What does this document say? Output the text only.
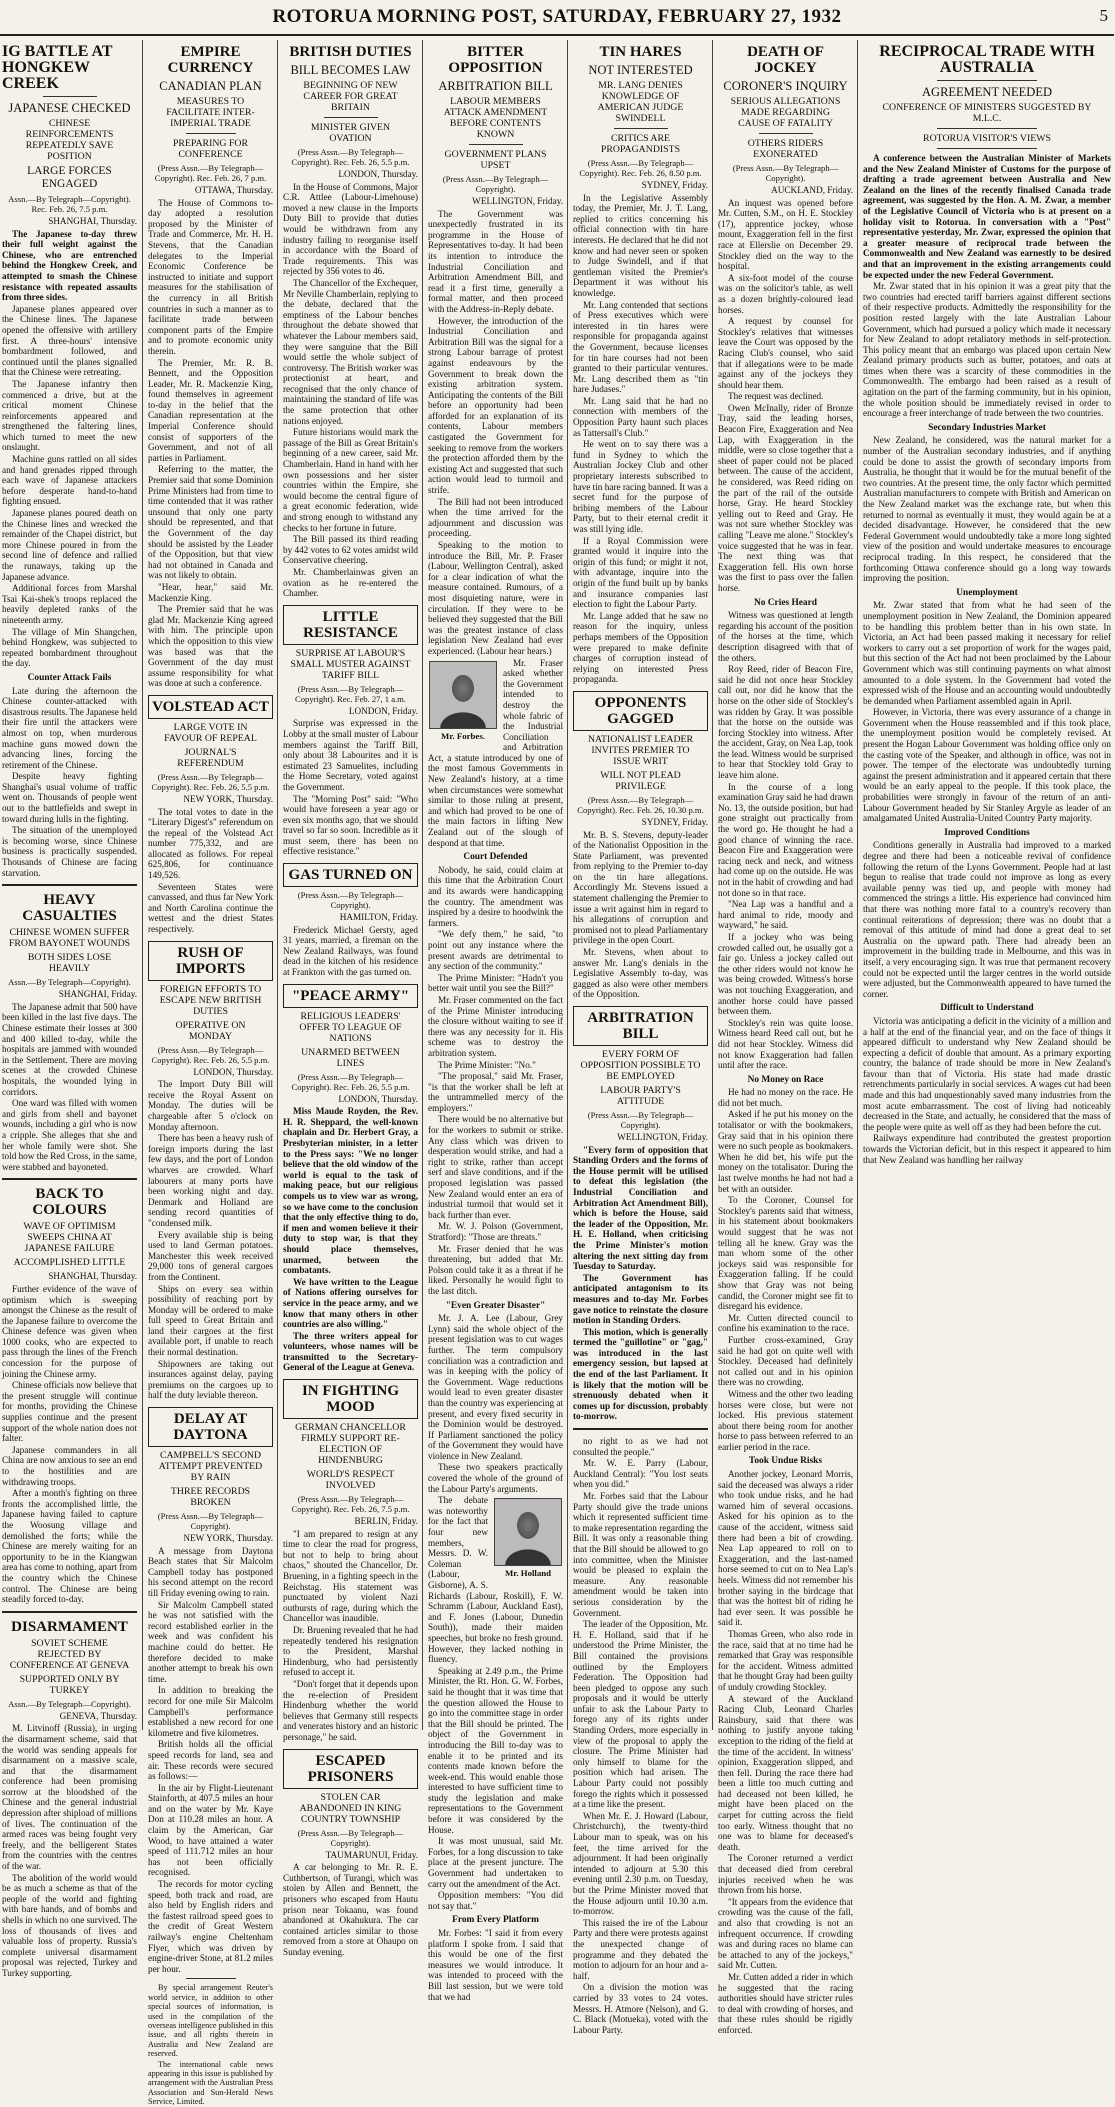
ROTORUA MORNING POST, SATURDAY, FEBRUARY 27, 1932	5
IG BATTLE AT HONGKEW CREEK
JAPANESE CHECKED
CHINESE REINFORCEMENTS REPEATEDLY SAVE POSITION
LARGE FORCES ENGAGED
Assn.—By Telegraph—Copyright). Rec. Feb. 26, 7.5 p.m.
SHANGHAI, Thursday.

The Japanese to-day threw their full weight against the Chinese, who are entrenched behind the Hongkew Creek, and attempted to smash the Chinese resistance with repeated assaults from three sides.

Japanese planes appeared over the Chinese lines. The Japanese opened the offensive with artillery first. A three-hours' intensive bombardment followed, and continued until the planes signalled that the Chinese were retreating.

The Japanese infantry then commenced a drive, but at the critical moment Chinese reinforcements appeared and strengthened the faltering lines, which turned to meet the new onslaught.

Machine guns rattled on all sides and hand grenades ripped through each wave of Japanese attackers before desperate hand-to-hand fighting ensued.

Japanese planes poured death on the Chinese lines and wrecked the remainder of the Chapei district, but more Chinese poured in from the second line of defence and rallied the runaways, taking up the Japanese advance.

Additional forces from Marshal Tsai Kai-shek's troops replaced the heavily depleted ranks of the nineteenth army.

The village of Min Shangchen, behind Hongkew, was subjected to repeated bombardment throughout the day.

Counter Attack Fails

Late during the afternoon the Chinese counter-attacked with disastrous results. The Japanese held their fire until the attackers were almost on top, when murderous machine guns mowed down the advancing lines, forcing the retirement of the Chinese.

Despite heavy fighting Shanghai's usual volume of traffic went on. Thousands of people went out to the battlefields and swept in toward during lulls in the fighting.

The situation of the unemployed is becoming worse, since Chinese business is practically suspended. Thousands of Chinese are facing starvation.

HEAVY CASUALTIES
CHINESE WOMEN SUFFER FROM BAYONET WOUNDS
BOTH SIDES LOSE HEAVILY
Assn.—By Telegraph—Copyright).
SHANGHAI, Friday.

The Japanese admit that 500 have been killed in the last five days. The Chinese estimate their losses at 300 and 400 killed to-day, while the hospitals are jammed with wounded in the Settlement. There are moving scenes at the crowded Chinese hospitals, the wounded lying in corridors.

One ward was filled with women and girls from shell and bayonet wounds, including a girl who is now a cripple. She alleges that she and her whole family were shot. She told how the Red Cross, in the same, were stabbed and bayoneted.

BACK TO COLOURS
WAVE OF OPTIMISM SWEEPS CHINA AT JAPANESE FAILURE
ACCOMPLISHED LITTLE
SHANGHAI, Thursday.

Further evidence of the wave of optimism which is sweeping amongst the Chinese as the result of the Japanese failure to overcome the Chinese defence was given when 1000 cooks, who are expected to pass through the lines of the French concession for the purpose of joining the Chinese army.

Chinese officials now believe that the present struggle will continue for months, providing the Chinese supplies continue and the present support of the whole nation does not falter.

Japanese commanders in all China are now anxious to see an end to the hostilities and are withdrawing troops.

After a month's fighting on three fronts the accomplished little, the Japanese having failed to capture the Woosung village and demolished the forts; while the Chinese are merely waiting for an opportunity to be in the Kiangwan area has come to nothing, apart from the country which the Chinese control. The Chinese are being steadily forced to-day.

DISARMAMENT
SOVIET SCHEME REJECTED BY CONFERENCE AT GENEVA
SUPPORTED ONLY BY TURKEY
Assn.—By Telegraph—Copyright).
GENEVA, Thursday.

M. Litvinoff (Russia), in urging the disarmament scheme, said that the world was sending appeals for disarmament on a massive scale, and that the disarmament conference had been promising sorrow at the bloodshed of the Chinese and the general industrial depression after shipload of millions of lives. The continuation of the armed races was being fought very freely, and the belligerent States from the countries with the centres of the war.

The abolition of the world would be as much a scheme as that of the people of the world and fighting with bare hands, and of bombs and shells in which no one survived. The loss of thousands of lives and valuable loss of property. Russia's complete universal disarmament proposal was rejected, Turkey and Turkey supporting.

EMPIRE CURRENCY
CANADIAN PLAN
MEASURES TO FACILITATE INTER-IMPERIAL TRADE
PREPARING FOR CONFERENCE
(Press Assn.—By Telegraph—Copyright). Rec. Feb. 26, 7 p.m.
OTTAWA, Thursday.

The House of Commons to-day adopted a resolution proposed by the Minister of Trade and Commerce, Mr. H. H. Stevens, that the Canadian delegates to the Imperial Economic Conference be instructed to initiate and support measures for the stabilisation of the currency in all British countries in such a manner as to facilitate trade between component parts of the Empire and to promote economic unity therein.

The Premier, Mr. R. B. Bennett, and the Opposition Leader, Mr. R. Mackenzie King, found themselves in agreement to-day in the belief that the Canadian representation at the Imperial Conference should consist of supporters of the Government, and not of all parties in Parliament.

Referring to the matter, the Premier said that some Dominion Prime Ministers had from time to time contended that it was rather unsound that only one party should be represented, and that the Government of the day should be assisted by the Leader of the Opposition, but that view had not obtained in Canada and was not likely to obtain.

"Hear, hear," said Mr. Mackenzie King.

The Premier said that he was glad Mr. Mackenzie King agreed with him. The principle upon which the opposition to this view was based was that the Government of the day must assume responsibility for what was done at such a conference.

VOLSTEAD ACT
LARGE VOTE IN FAVOUR OF REPEAL
JOURNAL'S REFERENDUM
(Press Assn.—By Telegraph—Copyright). Rec. Feb. 26, 5.5 p.m.
NEW YORK, Thursday.

The total votes to date in the "Literary Digest's" referendum on the repeal of the Volstead Act number 775,332, and are allocated as follows. For repeal 625,806, for continuance 149,526.

Seventeen States were canvassed, and thus far New York and North Carolina continue the wettest and the driest States respectively.

RUSH OF IMPORTS
FOREIGN EFFORTS TO ESCAPE NEW BRITISH DUTIES
OPERATIVE ON MONDAY
(Press Assn.—By Telegraph—Copyright). Rec. Feb. 26, 5.5 p.m.
LONDON, Thursday.

The Import Duty Bill will receive the Royal Assent on Monday. The duties will be chargeable after 5 o'clock on Monday afternoon.

There has been a heavy rush of foreign imports during the last few days, and the port of London wharves are crowded. Wharf labourers at many ports have been working night and day. Denmark and Holland are sending record quantities of "condensed milk.

Every available ship is being used to land German potatoes. Manchester this week received 29,000 tons of general cargoes from the Continent.

Ships on every sea within possibility of reaching port by Monday will be ordered to make full speed to Great Britain and land their cargoes at the first available port, if unable to reach their normal destination.

Shipowners are taking out insurances against delay, paying premiums on the cargoes up to half the duty leviable thereon.

DELAY AT DAYTONA
CAMPBELL'S SECOND ATTEMPT PREVENTED BY RAIN
THREE RECORDS BROKEN
(Press Assn.—By Telegraph—Copyright).
NEW YORK, Thursday.

A message from Daytona Beach states that Sir Malcolm Campbell today has postponed his second attempt on the record till Friday evening owing to rain.

Sir Malcolm Campbell stated he was not satisfied with the record established earlier in the week and was confident his machine could do better. He therefore decided to make another attempt to break his own time.

In addition to breaking the record for one mile Sir Malcolm Campbell's performance established a new record for one kilometre and five kilometres.

British holds all the official speed records for land, sea and air. These records were secured as follows:—

In the air by Flight-Lieutenant Stainforth, at 407.5 miles an hour and on the water by Mr. Kaye Don at 110.28 miles an hour. A claim by the American, Gar Wood, to have attained a water speed of 111.712 miles an hour has not been officially recognised.

The records for motor cycling speed, both track and road, are also held by English riders and the fastest railroad speed goes to the credit of Great Western railway's engine Cheltenham Flyer, which was driven by engine-driver Stone, at 81.2 miles per hour.

By special arrangement Reuter's world service, in addition to other special sources of information, is used in the compilation of the overseas intelligence published in this issue, and all rights therein in Australia and New Zealand are reserved.

The international cable news appearing in this issue is published by arrangement with the Australian Press Association and Sun-Herald News Service, Limited.

BRITISH DUTIES
BILL BECOMES LAW
BEGINNING OF NEW CAREER FOR GREAT BRITAIN
MINISTER GIVEN OVATION
(Press Assn.—By Telegraph—Copyright). Rec. Feb. 26, 5.5 p.m.
LONDON, Thursday.

In the House of Commons, Major C.R. Attlee (Labour-Limehouse) moved a new clause in the Imports Duty Bill to provide that duties would be withdrawn from any industry failing to reorganise itself in accordance with the Board of Trade requirements. This was rejected by 356 votes to 46.

The Chancellor of the Exchequer, Mr Neville Chamberlain, replying to the debate, declared that the emptiness of the Labour benches throughout the debate showed that whatever the Labour members said, they were sanguine that the Bill would settle the whole subject of controversy. The British worker was protectionist at heart, and recognised that the only chance of maintaining the standard of life was the same protection that other nations enjoyed.

Future historians would mark the passage of the Bill as Great Britain's beginning of a new career, said Mr. Chamberlain. Hand in hand with her own possessions and her sister countries within the Empire, she would become the central figure of a great economic federation, wide and strong enough to withstand any checks to her fortune in future.

The Bill passed its third reading by 442 votes to 62 votes amidst wild Conservative cheering.

Mr. Chamberlainwas given an ovation as he re-entered the Chamber.

LITTLE RESISTANCE
SURPRISE AT LABOUR'S SMALL MUSTER AGAINST TARIFF BILL
(Press Assn.—By Telegraph—Copyright). Rec. Feb. 27, 1 a.m.
LONDON, Friday.

Surprise was expressed in the Lobby at the small muster of Labour members against the Tariff Bill, only about 38 Labourites and it is estimated 23 Samuelites, including the Home Secretary, voted against the Government.

The "Morning Post" said: "Who would have foreseen a year ago or even six months ago, that we should travel so far so soon. Incredible as it must seem, there has been no effective resistance."

GAS TURNED ON
(Press Assn.—By Telegraph—Copyright).
HAMILTON, Friday.

Frederick Michael Gersty, aged 31 years, married, a fireman on the New Zealand Railways, was found dead in the kitchen of his residence at Frankton with the gas turned on.

"PEACE ARMY"
RELIGIOUS LEADERS' OFFER TO LEAGUE OF NATIONS
UNARMED BETWEEN LINES
(Press Assn.—By Telegraph—Copyright). Rec. Feb. 26, 5.5 p.m.
LONDON, Thursday.

Miss Maude Royden, the Rev. H. R. Sheppard, the well-known chaplain and Dr. Herbert Gray, a Presbyterian minister, in a letter to the Press says: "We no longer believe that the old window of the world is equal to the task of making peace, but our religious compels us to view war as wrong, so we have come to the conclusion that the only effective thing to do, if men and women believe it their duty to stop war, is that they should place themselves, unarmed, between the combatants.

We have written to the League of Nations offering ourselves for service in the peace army, and we know that many others in other countries are also willing."

The three writers appeal for volunteers, whose names will be transmitted to the Secretary-General of the League at Geneva.

IN FIGHTING MOOD
GERMAN CHANCELLOR FIRMLY SUPPORT RE-ELECTION OF HINDENBURG
WORLD'S RESPECT INVOLVED
(Press Assn.—By Telegraph—Copyright). Rec. Feb. 26, 7.5 p.m.
BERLIN, Friday.

"I am prepared to resign at any time to clear the road for progress, but not to help to bring about chaos," shouted the Chancellor, Dr. Bruening, in a fighting speech in the Reichstag. His statement was punctuated by violent Nazi outbursts of rage, during which the Chancellor was inaudible.

Dr. Bruening revealed that he had repeatedly tendered his resignation to the President, Marshal Hindenburg, who had persistently refused to accept it.

"Don't forget that it depends upon the re-election of President Hindenburg whether the world believes that Germany still respects and venerates history and an historic personage," he said.

ESCAPED PRISONERS
STOLEN CAR ABANDONED IN KING COUNTRY TOWNSHIP
(Press Assn.—By Telegraph—Copyright).
TAUMARUNUI, Friday.

A car belonging to Mr. R. E. Cuthbertson, of Turangi, which was stolen by Allen and Bennett, the prisoners who escaped from Hautu prison near Tokaanu, was found abandoned at Okahukura. The car contained articles similar to those removed from a store at Ohaupo on Sunday evening.

BITTER OPPOSITION
ARBITRATION BILL
LABOUR MEMBERS ATTACK AMENDMENT BEFORE CONTENTS KNOWN
GOVERNMENT PLANS UPSET
(Press Assn.—By Telegraph—Copyright).
WELLINGTON, Friday.

The Government was unexpectedly frustrated in its programme in the House of Representatives to-day. It had been its intention to introduce the Industrial Conciliation and Arbitration Amendment Bill, and read it a first time, generally a formal matter, and then proceed with the Address-in-Reply debate.

However, the introduction of the Industrial Conciliation and Arbitration Bill was the signal for a strong Labour barrage of protest against endeavours by the Government to break down the existing arbitration system. Anticipating the contents of the Bill before an opportunity had been afforded for an explanation of its contents, Labour members castigated the Government for seeking to remove from the workers the protection afforded them by the existing Act and suggested that such action would lead to turmoil and strife.

The Bill had not been introduced when the time arrived for the adjournment and discussion was proceeding.

Speaking to the motion to introduce the Bill, Mr. P. Fraser (Labour, Wellington Central), asked for a clear indication of what the measure contained. Rumours, of a most disquieting nature, were in circulation. If they were to be believed they suggested that the Bill was the greatest instance of class legislation New Zealand had ever experienced. (Labour hear hears.)

Mr. Forbes.

Mr. Fraser asked whether the Government intended to destroy the whole fabric of the Industrial Conciliation and Arbitration Act, a statute introduced by one of the most famous Governments in New Zealand's history, at a time when circumstances were somewhat similar to those ruling at present, and which had proved to be one of the main factors in lifting New Zealand out of the slough of despond at that time.

Court Defended

Nobody, he said, could claim at this time that the Arbitration Court and its awards were handicapping the country. The amendment was inspired by a desire to hoodwink the farmers.

"We defy them," he said, "to point out any instance where the present awards are detrimental to any section of the community."

The Prime Minister: "Hadn't you better wait until you see the Bill?"

Mr. Fraser commented on the fact of the Prime Minister introducing the closure without waiting to see if there was any necessity for it. His scheme was to destroy the arbitration system.

The Prime Minister: "No."

"The proposal," said Mr. Fraser, "is that the worker shall be left at the untrammelled mercy of the employers."

There would be no alternative but for the workers to submit or strike. Any class which was driven to desperation would strike, and had a right to strike, rather than accept serf and slave conditions, and if the proposed legislation was passed New Zealand would enter an era of industrial turmoil that would set it back further than ever.

Mr. W. J. Polson (Government, Stratford): "Those are threats."

Mr. Fraser denied that he was threatening, but added that Mr. Polson could take it as a threat if he liked. Personally he would fight to the last ditch.

"Even Greater Disaster"

Mr. J. A. Lee (Labour, Grey Lynn) said the whole object of the present legislation was to cut wages further. The term compulsory conciliation was a contradiction and was in keeping with the policy of the Government. Wage reductions would lead to even greater disaster than the country was experiencing at present, and every fixed security in the Dominion would be destroyed. If Parliament sanctioned the policy of the Government they would have violence in New Zealand.

These two speakers practically covered the whole of the ground of the Labour Party's arguments.

Mr. Holland

The debate was noteworthy for the fact that four new members, Messrs. D. W. Coleman (Labour, Gisborne), A. S. Richards (Labour, Roskill), F. W. Schramm (Labour, Auckland East), and F. Jones (Labour, Dunedin South)), made their maiden speeches, but broke no fresh ground. However, they lacked nothing in fluency.

Speaking at 2.49 p.m., the Prime Minister, the Rt. Hon. G. W. Forbes, said he thought that it was time that the question allowed the House to go into the committee stage in order that the Bill should be printed. The object of the Government in introducing the Bill to-day was to enable it to be printed and its contents made known before the week-end. This would enable those interested to have sufficient time to study the legislation and make representations to the Government before it was considered by the House.

It was most unusual, said Mr. Forbes, for a long discussion to take place at the present juncture. The Government had undertaken to carry out the amendment of the Act.

Opposition members: "You did not say that."

From Every Platform

Mr. Forbes: "I said it from every platform I spoke from. I said that this would be one of the first measures we would introduce. It was intended to proceed with the Bill last session, but we were told that we had

TIN HARES
NOT INTERESTED
MR. LANG DENIES KNOWLEDGE OF AMERICAN JUDGE SWINDELL
CRITICS ARE PROPAGANDISTS
(Press Assn.—By Telegraph—Copyright). Rec. Feb. 26, 8.50 p.m.
SYDNEY, Friday.

In the Legislative Assembly today, the Premier, Mr. J. T. Lang, replied to critics concerning his official connection with tin hare interests. He declared that he did not know and had never seen or spoken to Judge Swindell, and if that gentleman visited the Premier's Department it was without his knowledge.

Mr. Lang contended that sections of Press executives which were interested in tin hares were responsible for propaganda against the Government, because licenses for tin hare courses had not been granted to their particular ventures. Mr. Lang described them as "tin hare Judases."

Mr. Lang said that he had no connection with members of the Opposition Party haunt such places as Tattersall's Club."

He went on to say there was a fund in Sydney to which the Australian Jockey Club and other proprietary interests subscribed to have tin hare racing banned. It was a secret fund for the purpose of bribing members of the Labour Party, but to their eternal credit it was still lying idle.

If a Royal Commission were granted would it inquire into the origin of this fund; or might it not, with advantage, inquire into the origin of the fund built up by banks and insurance companies last election to fight the Labour Party.

Mr. Lange added that he saw no reason for the inquiry, unless perhaps members of the Opposition were prepared to make definite charges of corruption instead of relying on interested Press propaganda.

OPPONENTS GAGGED
NATIONALIST LEADER INVITES PREMIER TO ISSUE WRIT
WILL NOT PLEAD PRIVILEGE
(Press Assn.—By Telegraph—Copyright). Rec. Feb. 26, 10.30 p.m.
SYDNEY, Friday.

Mr. B. S. Stevens, deputy-leader of the Nationalist Opposition in the State Parliament, was prevented from replying to the Premier to-day on the tin hare allegations. Accordingly Mr. Stevens issued a statement challenging the Premier to issue a writ against him in regard to his allegations of corruption and promised not to plead Parliamentary privilege in the open Court.

Mr. Stevens, when about to answer Mr. Lang's denials in the Legislative Assembly to-day, was gagged as also were other members of the Opposition.

ARBITRATION BILL
EVERY FORM OF OPPOSITION POSSIBLE TO BE EMPLOYED
LABOUR PARTY'S ATTITUDE
(Press Assn.—By Telegraph—Copyright).
WELLINGTON, Friday.

"Every form of opposition that Standing Orders and the forms of the House permit will be utilised to defeat this legislation (the Industrial Conciliation and Arbitration Act Amendment Bill), which is before the House, said the leader of the Opposition, Mr. H. E. Holland, when criticising the Prime Minister's motion altering the next sitting day from Tuesday to Saturday.

The Government has anticipated antagonism to its measures and to-day Mr. Forbes gave notice to reinstate the closure motion in Standing Orders.

This motion, which is generally termed the "guillotine" or "gag," was introduced in the last emergency session, but lapsed at the end of the last Parliament. It is likely that the motion will be strenuously debated when it comes up for discussion, probably to-morrow.

no right to as we had not consulted the people."

Mr. W. E. Parry (Labour, Auckland Central): "You lost seats when you did."

Mr. Forbes said that the Labour Party should give the trade unions which it represented sufficient time to make representation regarding the Bill. It was only a reasonable thing that the Bill should be allowed to go into committee, when the Minister would be pleased to explain the measure. Any reasonable amendment would be taken into serious consideration by the Government.

The leader of the Opposition, Mr. H. E. Holland, said that if he understood the Prime Minister, the Bill contained the provisions outlined by the Employers Federation. The Opposition had been pledged to oppose any such proposals and it would be utterly unfair to ask the Labour Party to forego any of its rights under Standing Orders, more especially in view of the proposal to apply the closure. The Prime Minister had only himself to blame for the position which had arisen. The Labour Party could not possibly forego the rights which it possessed at a time like the present.

When Mr. E. J. Howard (Labour, Christchurch), the twenty-third Labour man to speak, was on his feet, the time arrived for the adjournment. It had been originally intended to adjourn at 5.30 this evening until 2.30 p.m. on Tuesday, but the Prime Minister moved that the House adjourn until 10.30 a.m. to-morrow.

This raised the ire of the Labour Party and there were protests against the unexpected change of programme and they debated the motion to adjourn for an hour and a-half.

On a division the motion was carried by 33 votes to 24 votes. Messrs. H. Atmore (Nelson), and G. C. Black (Motueka), voted with the Labour Party.

DEATH OF JOCKEY
CORONER'S INQUIRY
SERIOUS ALLEGATIONS MADE REGARDING CAUSE OF FATALITY
OTHERS RIDERS EXONERATED
(Press Assn.—By Telegraph—Copyright).
AUCKLAND, Friday.

An inquest was opened before Mr. Cutten, S.M., on H. E. Stockley (17), apprentice jockey, whose mount, Exaggeration fell in the first race at Ellerslie on December 29. Stockley died on the way to the hospital.

A six-foot model of the course was on the solicitor's table, as well as a dozen brightly-coloured lead horses.

A request by counsel for Stockley's relatives that witnesses leave the Court was opposed by the Racing Club's counsel, who said that if allegations were to be made against any of the jockeys they should hear them.

The request was declined.

Owen McInally, rider of Bronze Tray, said the leading horses, Beacon Fire, Exaggeration and Nea Lap, with Exaggeration in the middle, were so close together that a sheet of paper could not be placed between. The cause of the accident, he considered, was Reed riding on the part of the rail of the outside horse, Gray. He heard Stockley yelling out to Reed and Gray. He was not sure whether Stockley was calling "Leave me alone." Stockley's voice suggested that he was in fear. The next thing was that Exaggeration fell. His own horse was the first to pass over the fallen horse.

No Cries Heard

Witness was questioned at length regarding his account of the position of the horses at the time, which description disagreed with that of the others.

Roy Reed, rider of Beacon Fire, said he did not once hear Stockley call out, nor did he know that the horse on the other side of Stockley's was ridden by Gray. It was possible that the horse on the outside was forcing Stockley into witness. After the accident, Gray, on Nea Lap, took the lead. Witness would be surprised to hear that Stockley told Gray to leave him alone.

In the course of a long examination Gray said he had drawn No. 13, the outside position, but had gone straight out practically from the word go. He thought he had a good chance of winning the race. Beacon Fire and Exaggeration were racing neck and neck, and witness had come up on the outside. He was not in the habit of crowding and had not done so in that race.

"Nea Lap was a handful and a hard animal to ride, moody and wayward," he said.

If a jockey who was being crowded called out, he usually got a fair go. Unless a jockey called out the other riders would not know he was being crowded. Witness's horse was not touching Exaggeration, and another horse could have passed between them.

Stockley's rein was quite loose. Witness heard Reed call out, but he did not hear Stockley. Witness did not know Exaggeration had fallen until after the race.

No Money on Race

He had no money on the race. He did not bet much.

Asked if he put his money on the totalisator or with the bookmakers, Gray said that in his opinion there were no such people as bookmakers. When he did bet, his wife put the money on the totalisator. During the last twelve months he had not had a bet with an outsider.

To the Coroner, Counsel for Stockley's parents said that witness, in his statement about bookmakers would suggest that he was not telling all he knew. Gray was the man whom some of the other jockeys said was responsible for Exaggeration falling. If he could show that Gray was not being candid, the Coroner might see fit to disregard his evidence.

Mr. Cutten directed council to confine his examination to the race.

Further cross-examined, Gray said he had got on quite well with Stockley. Deceased had definitely not called out and in his opinion there was no crowding.

Witness and the other two leading horses were close, but were not locked. His previous statement about there being room for another horse to pass between referred to an earlier period in the race.

Took Undue Risks

Another jockey, Leonard Morris, said the deceased was always a rider who took undue risks, and he had warned him of several occasions. Asked for his opinion as to the cause of the accident, witness said there had been a bit of crowding. Nea Lap appeared to roll on to Exaggeration, and the last-named horse seemed to cut on to Nea Lap's heels. Witness did not remember his brother saying in the birdcage that that was the hottest bit of riding he had ever seen. It was possible he said it.

Thomas Green, who also rode in the race, said that at no time had he remarked that Gray was responsible for the accident. Witness admitted that he thought Gray had been guilty of unduly crowding Stockley.

A steward of the Auckland Racing Club, Leonard Charles Rainsbury, said that there was nothing to justify anyone taking exception to the riding of the field at the time of the accident. In witness' opinion, Exaggeration slipped, and then fell. During the race there had been a little too much cutting and had deceased not been killed, he might have been placed on the carpet for cutting across the field too early. Witness thought that no one was to blame for deceased's death.

The Coroner returned a verdict that deceased died from cerebral injuries received when he was thrown from his horse.

"It appears from the evidence that crowding was the cause of the fall, and also that crowding is not an infrequent occurrence. If crowding was and during races no blame can be attached to any of the jockeys," said Mr. Cutten.

Mr. Cutten added a rider in which he suggested that the racing authorities should have stricter rules to deal with crowding of horses, and that these rules should be rigidly enforced.

RECIPROCAL TRADE WITH AUSTRALIA
AGREEMENT NEEDED
CONFERENCE OF MINISTERS SUGGESTED BY M.L.C.
ROTORUA VISITOR'S VIEWS

A conference between the Australian Minister of Markets and the New Zealand Minister of Customs for the purpose of drafting a trade agreement between Australia and New Zealand on the lines of the recently finalised Canada trade agreement, was suggested by the Hon. A. M. Zwar, a member of the Legislative Council of Victoria who is at present on a holiday visit to Rotorua. In conversation with a "Post" representative yesterday, Mr. Zwar, expressed the opinion that a greater measure of reciprocal trade between the Commonwealth and New Zealand was earnestly to be desired and that an improvement in the existing arrangements could be expected under the new Federal Government.

Mr. Zwar stated that in his opinion it was a great pity that the two countries had erected tariff barriers against different sections of their respective products. Admittedly the responsibility for the position rested largely with the late Australian Labour Government, which had pursued a policy which made it necessary for New Zealand to adopt retaliatory methods in self-protection. This policy meant that an embargo was placed upon certain New Zealand primary products such as butter, potatoes, and oats at times when there was a scarcity of these commodities in the Commonwealth. The embargo had been raised as a result of agitation on the part of the farming community, but in his opinion, the whole position should be immediately revised in order to encourage a freer interchange of trade between the two countries.

Secondary Industries Market

New Zealand, he considered, was the natural market for a number of the Australian secondary industries, and if anything could be done to assist the growth of secondary imports from Australia, he thought that it would be for the mutual benefit of the two countries. At the present time, the only factor which permitted Australian manufacturers to compete with British and American on the New Zealand market was the exchange rate, but when this returned to normal as eventually it must, they would again be at a decided disadvantage. However, he considered that the new Federal Government would undoubtedly take a more long sighted view of the position and would undertake measures to encourage reciprocal trading. In this respect, he considered that the forthcoming Ottawa conference should go a long way towards improving the position.

Unemployment

Mr. Zwar stated that from what he had seen of the unemployment position in New Zealand, the Dominion appeared to be handling this problem better than in his own state. In Victoria, an Act had been passed making it necessary for relief workers to carry out a set proportion of work for the wages paid, but this section of the Act had not been proclaimed by the Labour Government which was still continuing payments on what almost amounted to a dole system. In the Government had voted the expressed wish of the House and an accounting would undoubtedly be demanded when Parliament assembled again in April.

However, in Victoria, there was every assurance of a change in Government when the House reassembled and if this took place, the unemployment position would be completely revised. At present the Hogan Labour Government was holding office only on the casting vote of the Speaker, and although in office, was not in power. The temper of the electorate was undoubtedly turning against the present administration and it appeared certain that there would be an early appeal to the people. If this took place, the probabilities were strongly in favour of the return of an anti-Labour Government headed by Sir Stanley Argyle as leader of an amalgamated United Australia-United Country Party majority.

Improved Conditions

Conditions generally in Australia had improved to a marked degree and there had been a noticeable revival of confidence following the return of the Lyons Government. People had at last begun to realise that trade could not improve as long as every available penny was tied up, and people with money had commenced the strings a little. His experience had convinced him that there was nothing more fatal to a country's recovery than continual reiterations of depression; there was no doubt that a removal of this attitude of mind had done a great deal to set Australia on the upward path. There had already been an improvement in the building trade in Melbourne, and this was in itself, a very encouraging sign. It was true that permanent recovery could not be expected until the larger centres in the world outside were adjusted, but the Commonwealth appeared to have turned the corner.

Difficult to Understand

Victoria was anticipating a deficit in the vicinity of a million and a half at the end of the financial year, and on the face of things it appeared difficult to understand why New Zealand should be expecting a deficit of double that amount. As a primary exporting country, the balance of trade should be more in New Zealand's favour than that of Victoria. His state had made drastic retrenchments particularly in social services. A wages cut had been made and this had unquestionably saved many industries from the most acute embarrassment. The cost of living had noticeably decreased in the State, and actually, he considered that the mass of the people were quite as well off as they had been before the cut.

Railways expenditure had contributed the greatest proportion towards the Victorian deficit, but in this respect it appeared to him that New Zealand was handling her railway
